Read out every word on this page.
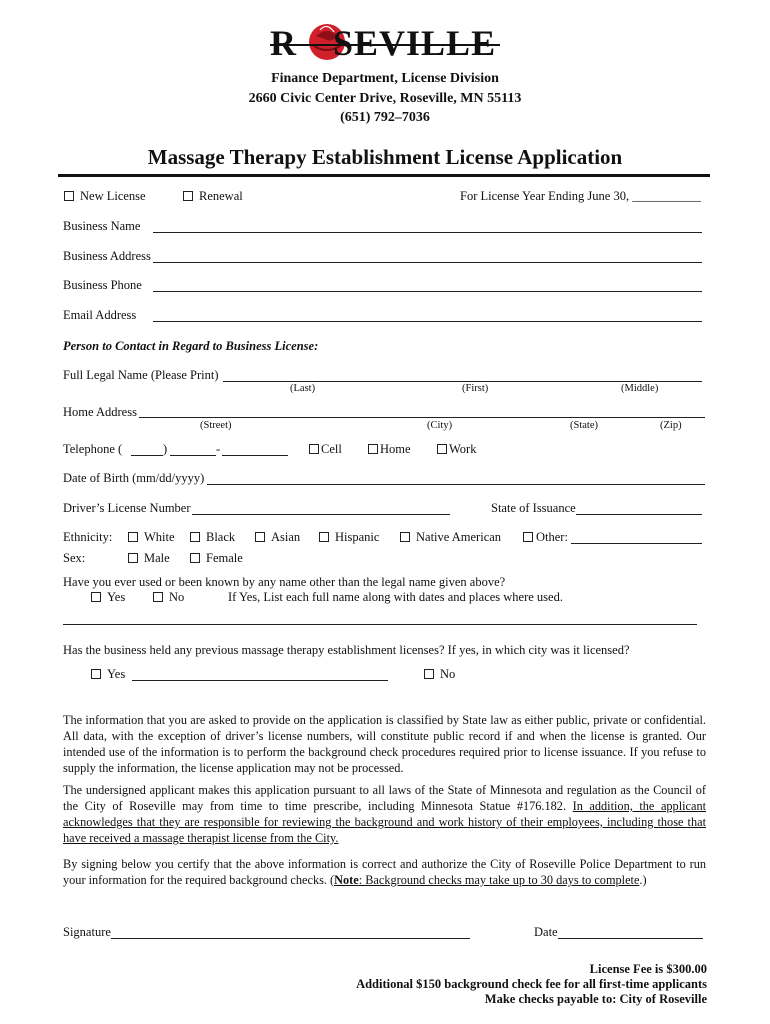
R SEVILLE
Finance Department, License Division
2660 Civic Center Drive, Roseville, MN 55113
(651) 792–7036
Massage Therapy Establishment License Application
New License	Renewal	For License Year Ending June 30, ___________
Business Name
Business Address
Business Phone
Email Address
Person to Contact in Regard to Business License:
Full Legal Name (Please Print)
(Last)	(First)	(Middle)
Home Address
(Street)	(City)	(State)	(Zip)
Telephone (	)	-	Cell	Home	Work
Date of Birth (mm/dd/yyyy)
Driver’s License Number	State of Issuance
Ethnicity:	White	Black	Asian	Hispanic	Native American	Other:
Sex:	Male	Female
Have you ever used or been known by any name other than the legal name given above?
Yes	No	If Yes, List each full name along with dates and places where used.
Has the business held any previous massage therapy establishment licenses? If yes, in which city was it licensed?
Yes	No
The information that you are asked to provide on the application is classified by State law as either public, private or confidential. All data, with the exception of driver’s license numbers, will constitute public record if and when the license is granted. Our intended use of the information is to perform the background check procedures required prior to license issuance. If you refuse to supply the information, the license application may not be processed.
The undersigned applicant makes this application pursuant to all laws of the State of Minnesota and regulation as the Council of the City of Roseville may from time to time prescribe, including Minnesota Statue #176.182. In addition, the applicant acknowledges that they are responsible for reviewing the background and work history of their employees, including those that have received a massage therapist license from the City.
By signing below you certify that the above information is correct and authorize the City of Roseville Police Department to run your information for the required background checks. (Note: Background checks may take up to 30 days to complete.)
Signature	Date
License Fee is $300.00
Additional $150 background check fee for all first-time applicants
Make checks payable to: City of Roseville
